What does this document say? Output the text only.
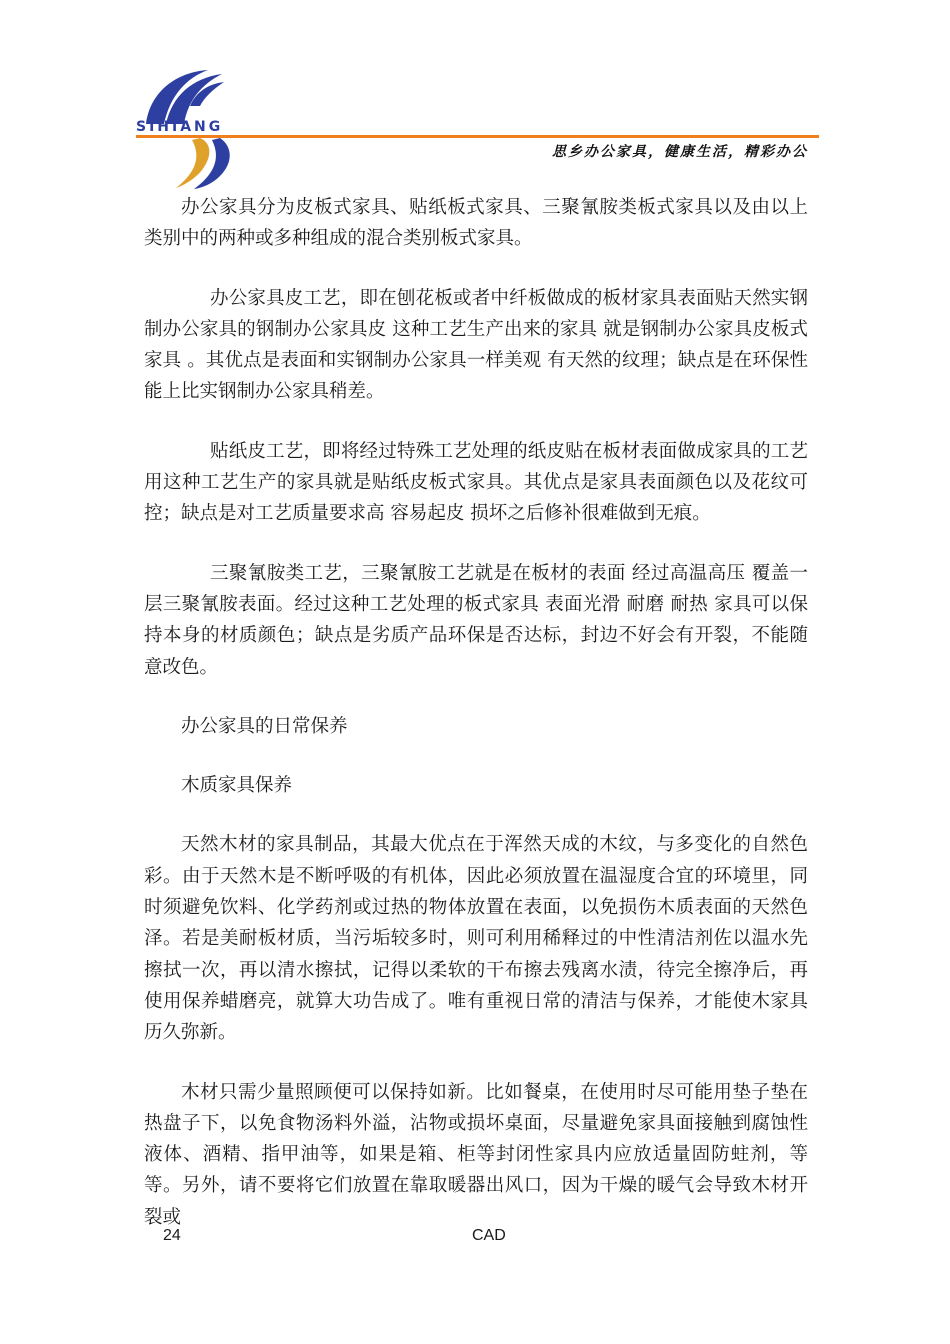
SIHIANG
思乡办公家具，健康生活，精彩办公

办公家具分为皮板式家具、贴纸板式家具、三聚氰胺类板式家具以及由以上类别中的两种或多种组成的混合类别板式家具。

办公家具皮工艺，即在刨花板或者中纤板做成的板材家具表面贴天然实钢制办公家具的钢制办公家具皮 这种工艺生产出来的家具 就是钢制办公家具皮板式家具 。其优点是表面和实钢制办公家具一样美观 有天然的纹理；缺点是在环保性能上比实钢制办公家具稍差。

贴纸皮工艺，即将经过特殊工艺处理的纸皮贴在板材表面做成家具的工艺 用这种工艺生产的家具就是贴纸皮板式家具。其优点是家具表面颜色以及花纹可控；缺点是对工艺质量要求高 容易起皮 损坏之后修补很难做到无痕。

三聚氰胺类工艺，三聚氰胺工艺就是在板材的表面 经过高温高压 覆盖一层三聚氰胺表面。经过这种工艺处理的板式家具 表面光滑 耐磨 耐热 家具可以保持本身的材质颜色；缺点是劣质产品环保是否达标，封边不好会有开裂，不能随意改色。

办公家具的日常保养

木质家具保养

天然木材的家具制品，其最大优点在于浑然天成的木纹，与多变化的自然色彩。由于天然木是不断呼吸的有机体，因此必须放置在温湿度合宜的环境里，同时须避免饮料、化学药剂或过热的物体放置在表面，以免损伤木质表面的天然色泽。若是美耐板材质，当污垢较多时，则可利用稀释过的中性清洁剂佐以温水先擦拭一次，再以清水擦拭，记得以柔软的干布擦去残离水渍，待完全擦净后，再使用保养蜡磨亮，就算大功告成了。唯有重视日常的清洁与保养，才能使木家具历久弥新。

木材只需少量照顾便可以保持如新。比如餐桌，在使用时尽可能用垫子垫在热盘子下，以免食物汤料外溢，沾物或损坏桌面，尽量避免家具面接触到腐蚀性液体、酒精、指甲油等，如果是箱、柜等封闭性家具内应放适量固防蛀剂，等等。另外，请不要将它们放置在靠取暖器出风口，因为干燥的暖气会导致木材开裂或

24	CAD
